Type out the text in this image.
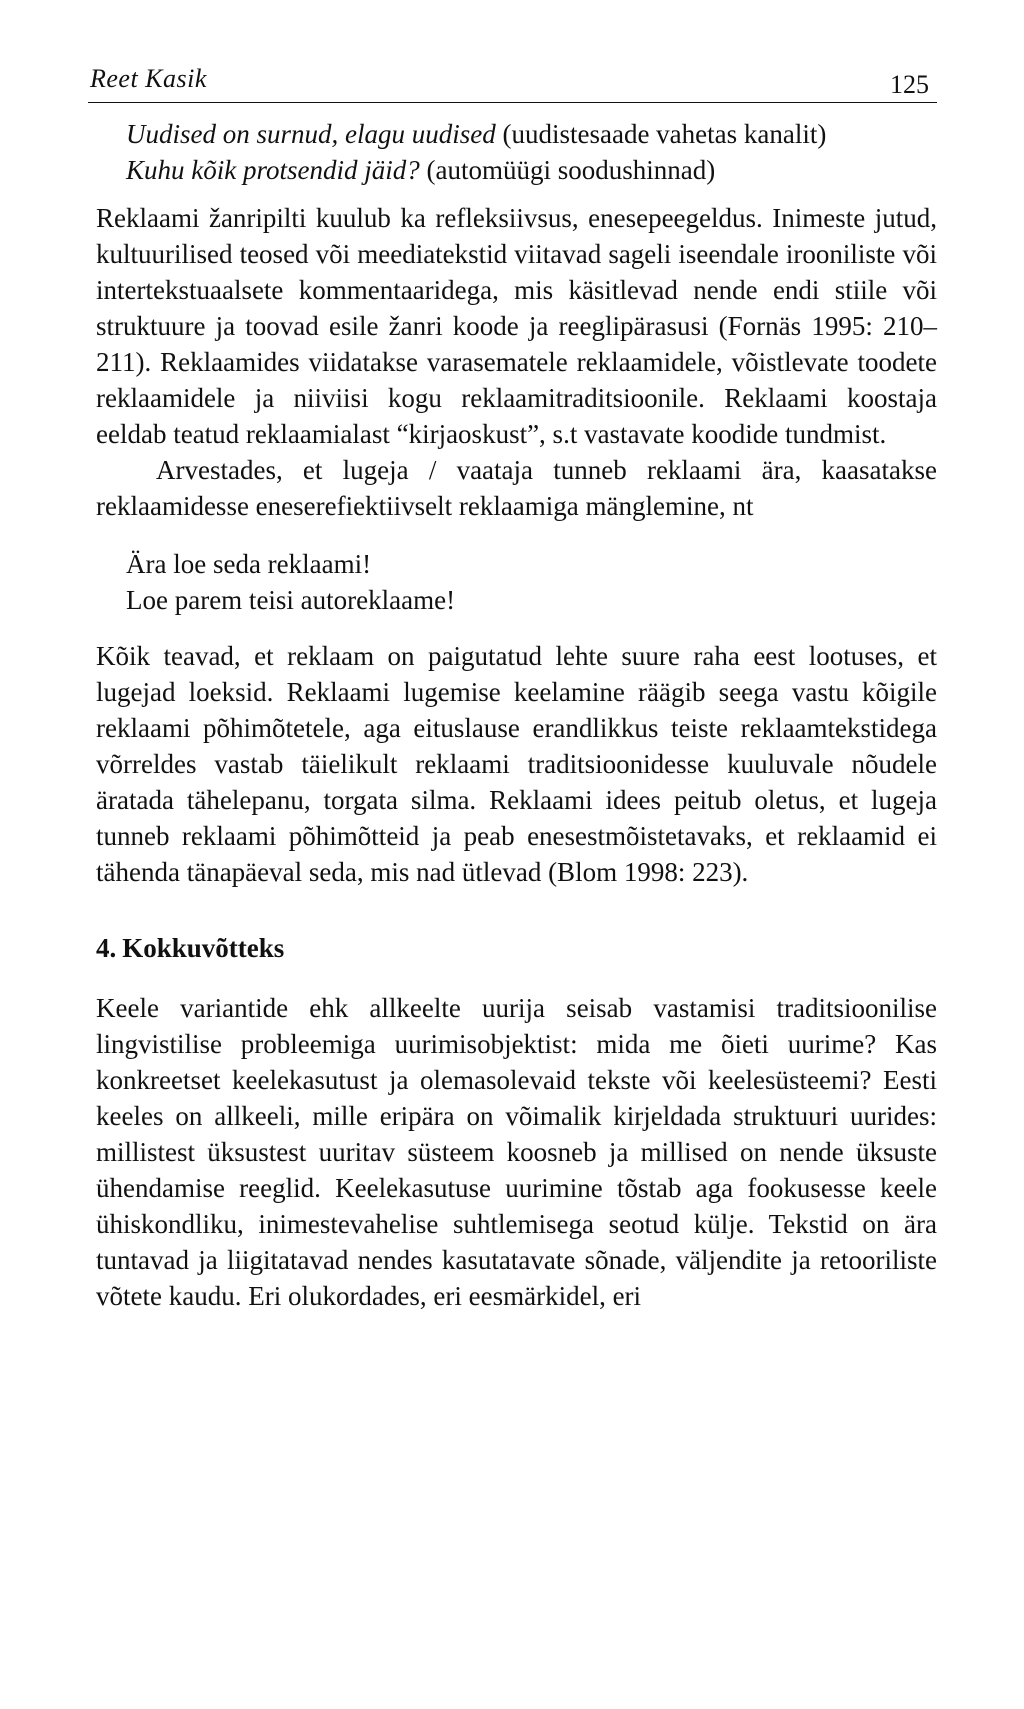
Reet Kasik	125

Uudised on surnud, elagu uudised (uudistesaade vahetas kanalit)

Kuhu kõik protsendid jäid? (automüügi soodushinnad)

Reklaami žanripilti kuulub ka refleksiivsus, enesepeegeldus. Inimeste jutud, kultuurilised teosed või meediatekstid viitavad sageli iseendale irooniliste või intertekstuaalsete kommentaaridega, mis käsitlevad nende endi stiile või struktuure ja toovad esile žanri koode ja reeglipärasusi (Fornäs 1995: 210–211). Reklaamides viidatakse varasematele reklaamidele, võistlevate toodete reklaamidele ja niiviisi kogu reklaamitraditsioonile. Reklaami koostaja eeldab teatud reklaamialast “kirjaoskust”, s.t vastavate koodide tundmist.

Arvestades, et lugeja / vaataja tunneb reklaami ära, kaasatakse reklaamidesse eneserefiektiivselt reklaamiga mänglemine, nt

Ära loe seda reklaami!

Loe parem teisi autoreklaame!

Kõik teavad, et reklaam on paigutatud lehte suure raha eest lootuses, et lugejad loeksid. Reklaami lugemise keelamine räägib seega vastu kõigile reklaami põhimõtetele, aga eituslause erandlikkus teiste reklaamtekstidega võrreldes vastab täielikult reklaami traditsioonidesse kuuluvale nõudele äratada tähelepanu, torgata silma. Reklaami idees peitub oletus, et lugeja tunneb reklaami põhimõtteid ja peab enesestmõistetavaks, et reklaamid ei tähenda tänapäeval seda, mis nad ütlevad (Blom 1998: 223).

4. Kokkuvõtteks

Keele variantide ehk allkeelte uurija seisab vastamisi traditsioonilise lingvistilise probleemiga uurimisobjektist: mida me õieti uurime? Kas konkreetset keelekasutust ja olemasolevaid tekste või keelesüsteemi? Eesti keeles on allkeeli, mille eripära on võimalik kirjeldada struktuuri uurides: millistest üksustest uuritav süsteem koosneb ja millised on nende üksuste ühendamise reeglid. Keelekasutuse uurimine tõstab aga fookusesse keele ühiskondliku, inimestevahelise suhtlemisega seotud külje. Tekstid on ära tuntavad ja liigitatavad nendes kasutatavate sõnade, väljendite ja retooriliste võtete kaudu. Eri olukordades, eri eesmärkidel, eri
